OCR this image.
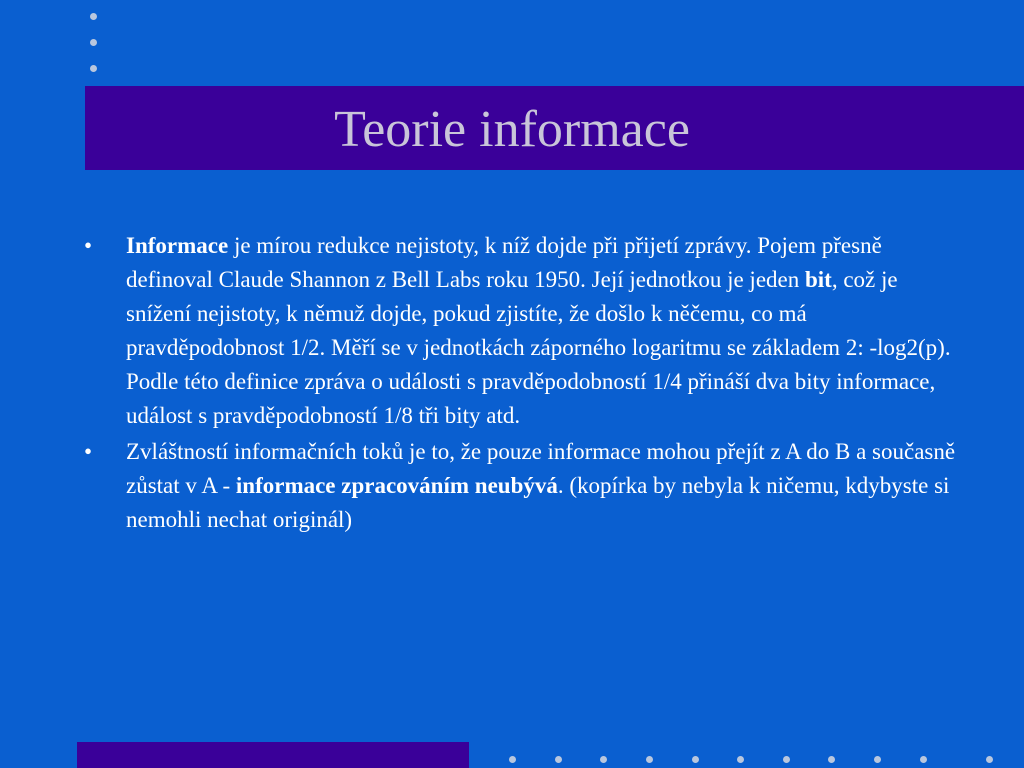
Teorie informace

• Informace je mírou redukce nejistoty, k níž dojde při přijetí zprávy. Pojem přesně definoval Claude Shannon z Bell Labs roku 1950. Její jednotkou je jeden bit, což je snížení nejistoty, k němuž dojde, pokud zjistíte, že došlo k něčemu, co má pravděpodobnost 1/2. Měří se v jednotkách záporného logaritmu se základem 2: -log2(p). Podle této definice zpráva o události s pravděpodobností 1/4 přináší dva bity informace, událost s pravděpodobností 1/8 tři bity atd.

• Zvláštností informačních toků je to, že pouze informace mohou přejít z A do B a současně zůstat v A - informace zpracováním neubývá. (kopírka by nebyla k ničemu, kdybyste si nemohli nechat originál)
